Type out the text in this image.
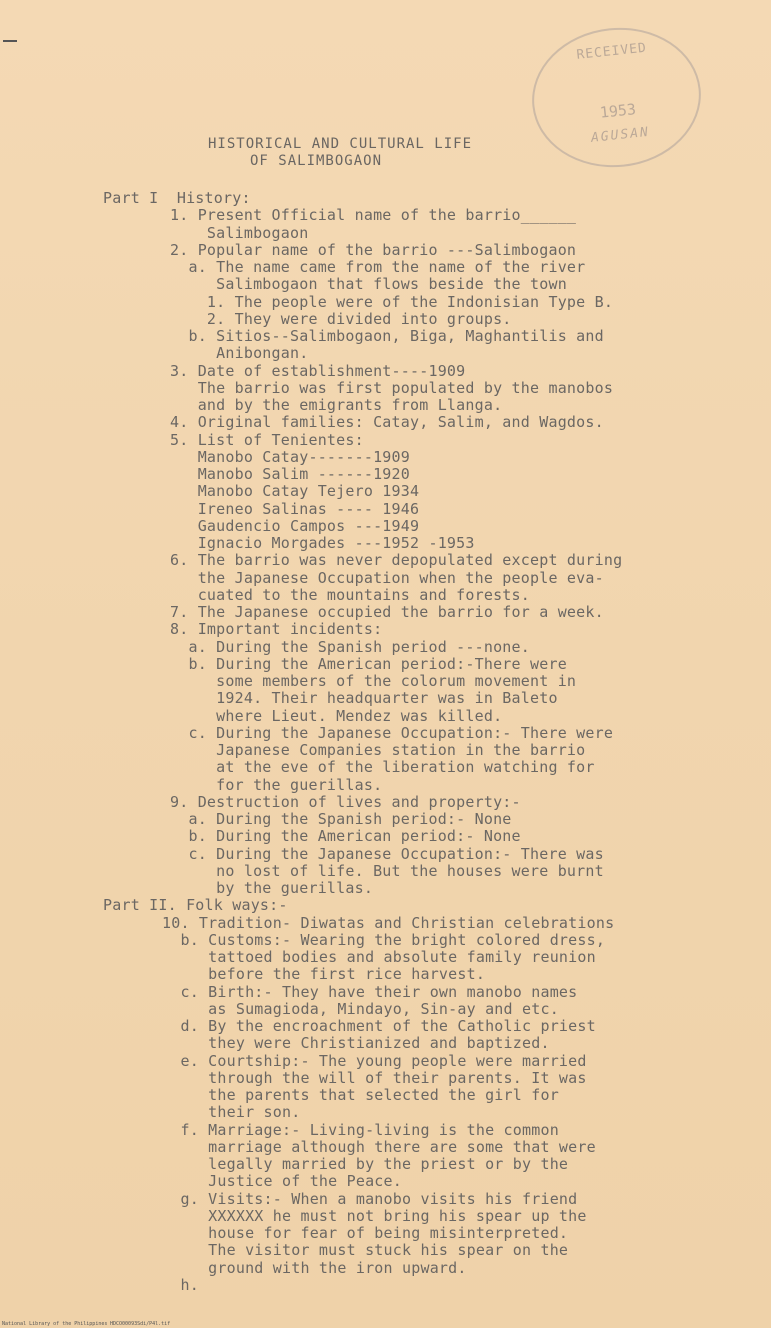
RECEIVED
1953
AGUSAN
HISTORICAL AND CULTURAL LIFE
OF SALIMBOGAON
Part I  History:
1. Present Official name of the barrio______
Salimbogaon
2. Popular name of the barrio ---Salimbogaon
a. The name came from the name of the river
Salimbogaon that flows beside the town
1. The people were of the Indonisian Type B.
2. They were divided into groups.
b. Sitios--Salimbogaon, Biga, Maghantilis and
Anibongan.
3. Date of establishment----1909
The barrio was first populated by the manobos
and by the emigrants from Llanga.
4. Original families: Catay, Salim, and Wagdos.
5. List of Tenientes:
Manobo Catay-------1909
Manobo Salim ------1920
Manobo Catay Tejero 1934
Ireneo Salinas ---- 1946
Gaudencio Campos ---1949
Ignacio Morgades ---1952 -1953
6. The barrio was never depopulated except during
the Japanese Occupation when the people eva-
cuated to the mountains and forests.
7. The Japanese occupied the barrio for a week.
8. Important incidents:
a. During the Spanish period ---none.
b. During the American period:-There were
some members of the colorum movement in
1924. Their headquarter was in Baleto
where Lieut. Mendez was killed.
c. During the Japanese Occupation:- There were
Japanese Companies station in the barrio
at the eve of the liberation watching for
for the guerillas.
9. Destruction of lives and property:-
a. During the Spanish period:- None
b. During the American period:- None
c. During the Japanese Occupation:- There was
no lost of life. But the houses were burnt
by the guerillas.
Part II. Folk ways:-
10. Tradition- Diwatas and Christian celebrations
b. Customs:- Wearing the bright colored dress,
tattoed bodies and absolute family reunion
before the first rice harvest.
c. Birth:- They have their own manobo names
as Sumagioda, Mindayo, Sin-ay and etc.
d. By the encroachment of the Catholic priest
they were Christianized and baptized.
e. Courtship:- The young people were married
through the will of their parents. It was
the parents that selected the girl for
their son.
f. Marriage:- Living-living is the common
marriage although there are some that were
legally married by the priest or by the
Justice of the Peace.
g. Visits:- When a manobo visits his friend
XXXXXX he must not bring his spear up the
house for fear of being misinterpreted.
The visitor must stuck his spear on the
ground with the iron upward.
h.
National Library of the Philippines HDCO00093Sdi/P4l.tif
